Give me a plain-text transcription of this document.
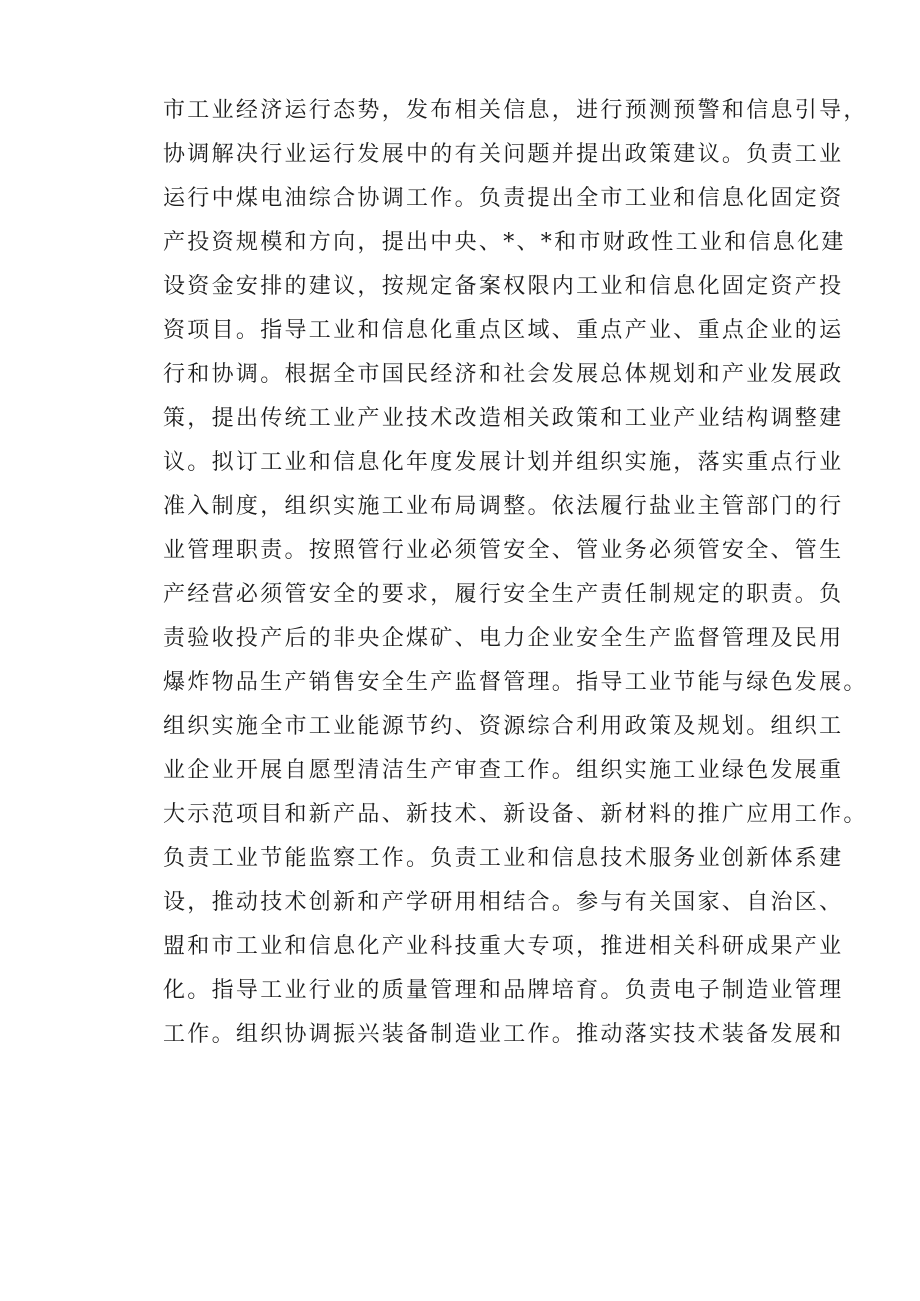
市工业经济运行态势，发布相关信息，进行预测预警和信息引导，
协调解决行业运行发展中的有关问题并提出政策建议。负责工业
运行中煤电油综合协调工作。负责提出全市工业和信息化固定资
产投资规模和方向，提出中央、*、*和市财政性工业和信息化建
设资金安排的建议，按规定备案权限内工业和信息化固定资产投
资项目。指导工业和信息化重点区域、重点产业、重点企业的运
行和协调。根据全市国民经济和社会发展总体规划和产业发展政
策，提出传统工业产业技术改造相关政策和工业产业结构调整建
议。拟订工业和信息化年度发展计划并组织实施，落实重点行业
准入制度，组织实施工业布局调整。依法履行盐业主管部门的行
业管理职责。按照管行业必须管安全、管业务必须管安全、管生
产经营必须管安全的要求，履行安全生产责任制规定的职责。负
责验收投产后的非央企煤矿、电力企业安全生产监督管理及民用
爆炸物品生产销售安全生产监督管理。指导工业节能与绿色发展。
组织实施全市工业能源节约、资源综合利用政策及规划。组织工
业企业开展自愿型清洁生产审查工作。组织实施工业绿色发展重
大示范项目和新产品、新技术、新设备、新材料的推广应用工作。
负责工业节能监察工作。负责工业和信息技术服务业创新体系建
设，推动技术创新和产学研用相结合。参与有关国家、自治区、
盟和市工业和信息化产业科技重大专项，推进相关科研成果产业
化。指导工业行业的质量管理和品牌培育。负责电子制造业管理
工作。组织协调振兴装备制造业工作。推动落实技术装备发展和
